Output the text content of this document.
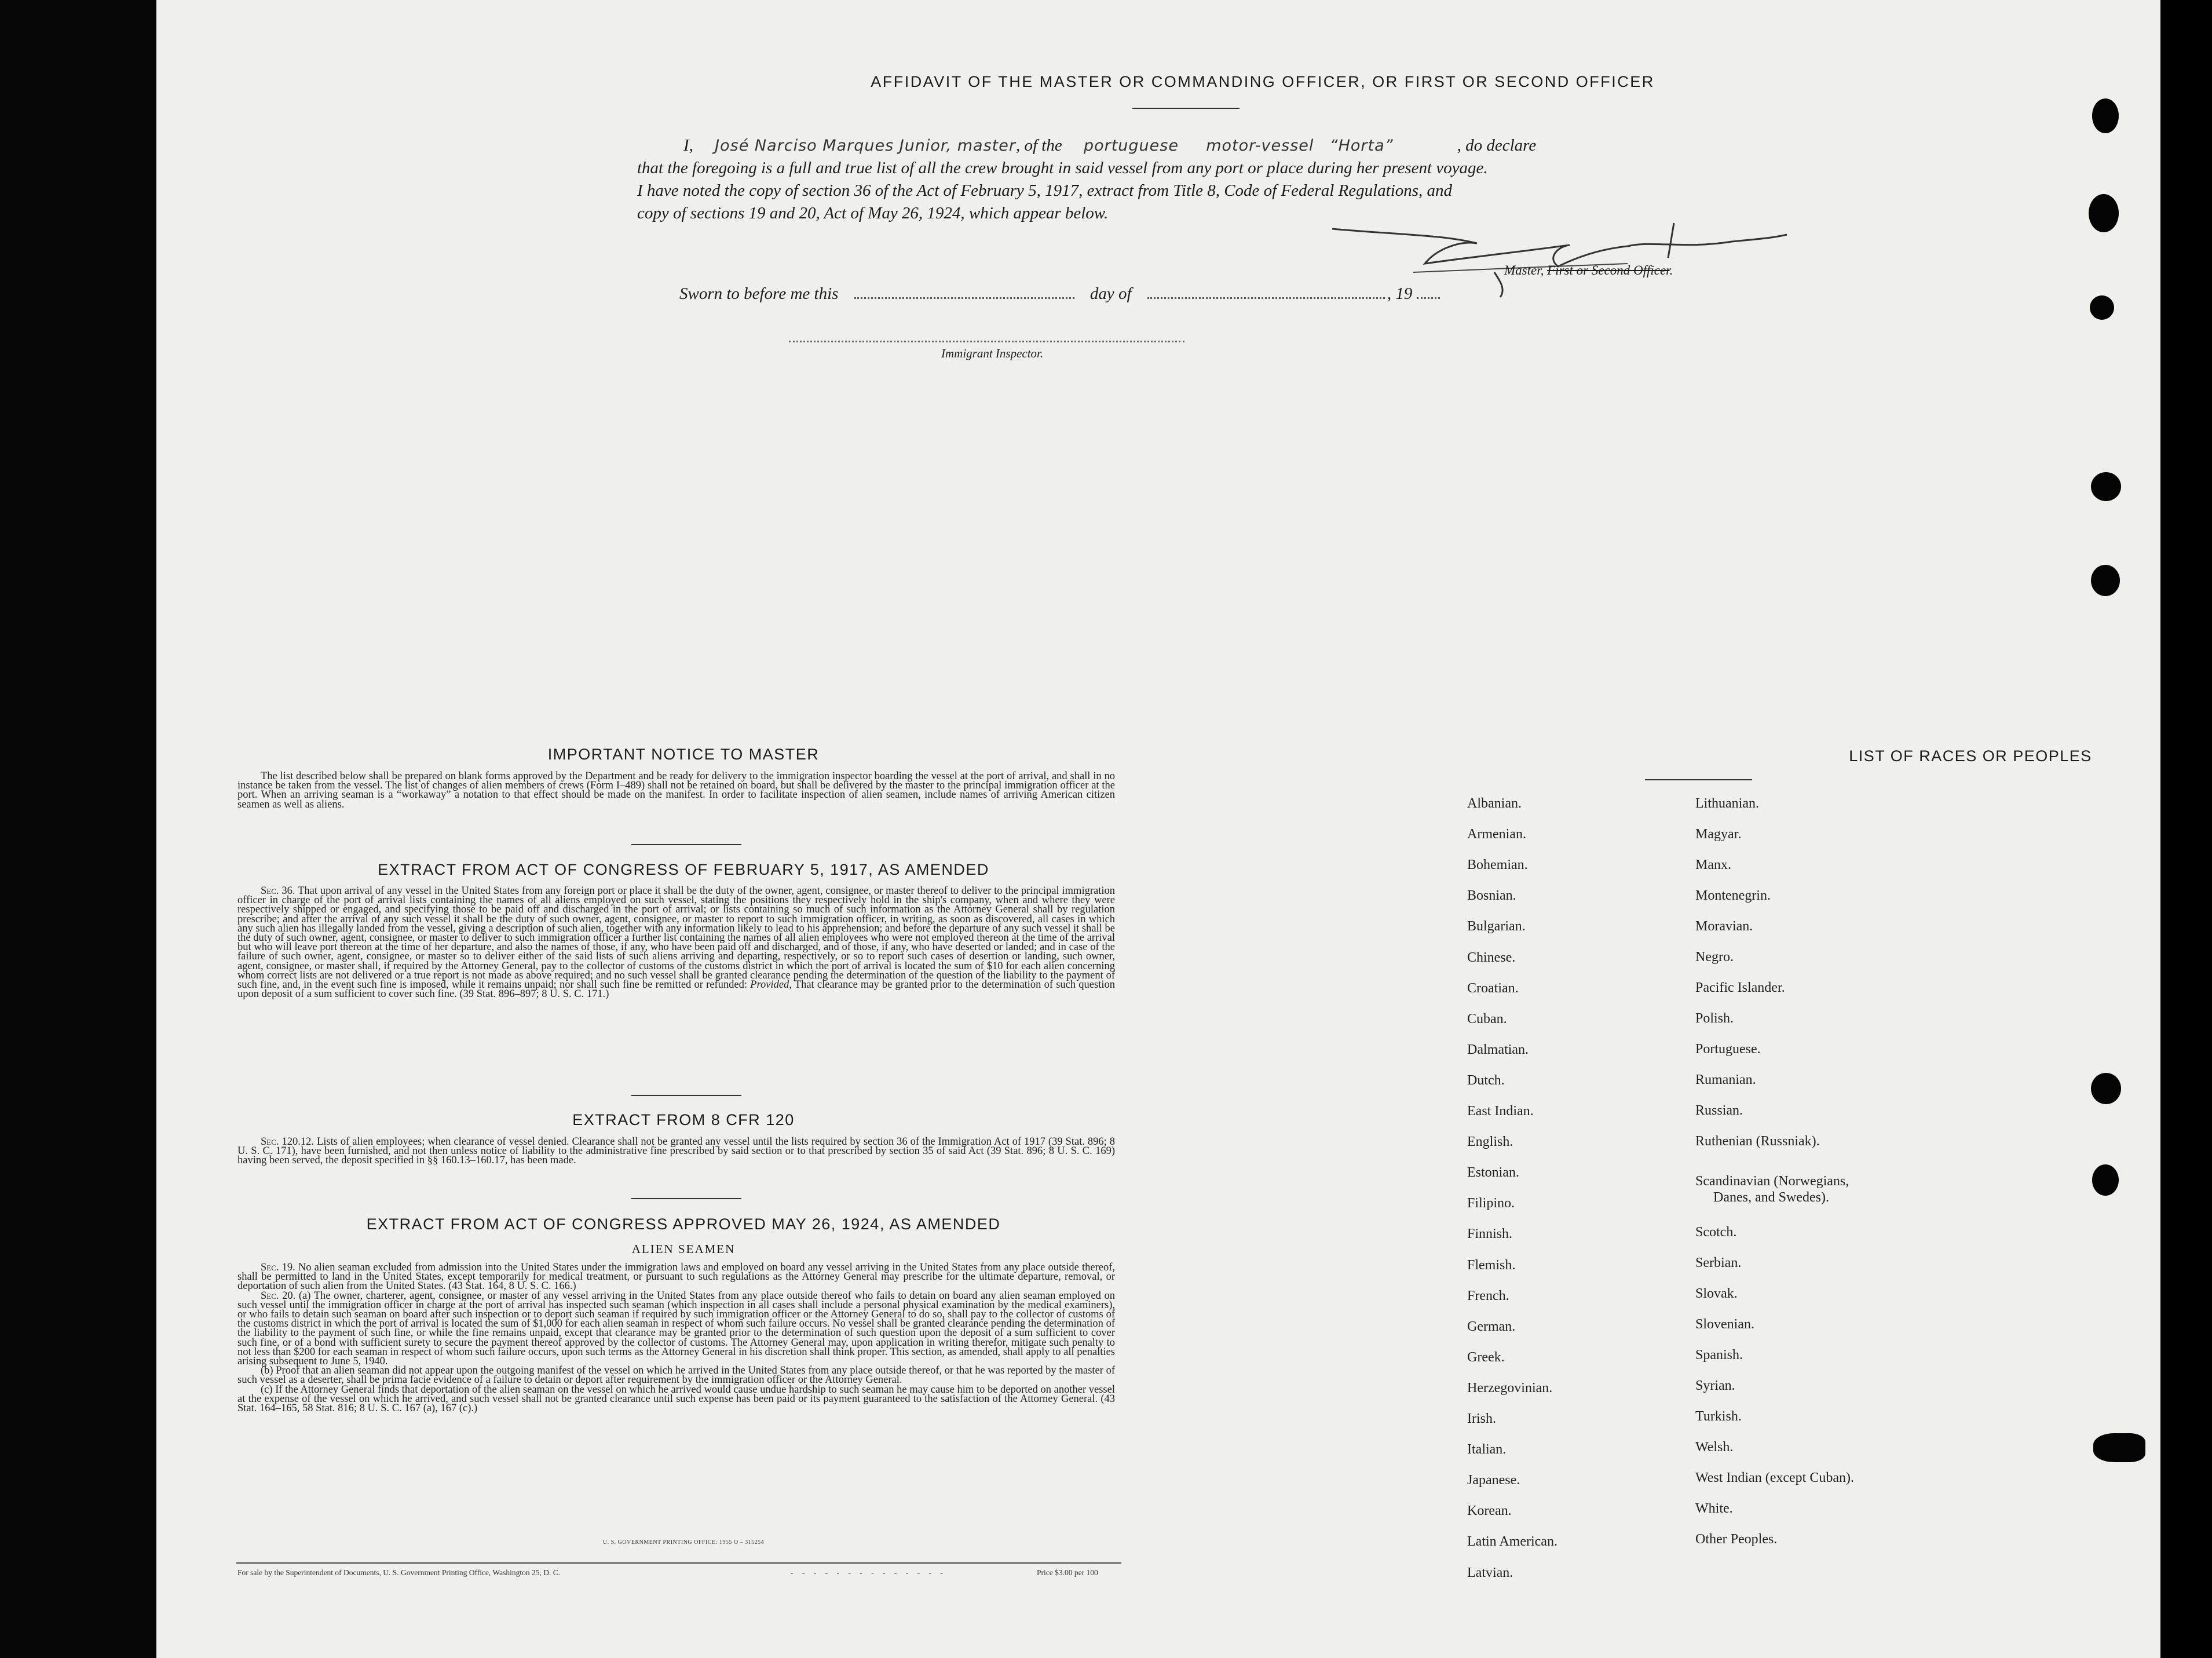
AFFIDAVIT OF THE MASTER OR COMMANDING OFFICER, OR FIRST OR SECOND OFFICER
I, José Narciso Marques Junior, master, of the portuguese motor-vessel “Horta”	, do declare
that the foregoing is a full and true list of all the crew brought in said vessel from any port or place during her present voyage.
I have noted the copy of section 36 of the Act of February 5, 1917, extract from Title 8, Code of Federal Regulations, and
copy of sections 19 and 20, Act of May 26, 1924, which appear below.
Master, First or Second Officer.
Sworn to before me this	day of	, 19
Immigrant Inspector.
IMPORTANT NOTICE TO MASTER

The list described below shall be prepared on blank forms approved by the Department and be ready for delivery to the immigration inspector boarding the vessel at the port of arrival, and shall in no instance be taken from the vessel. The list of changes of alien members of crews (Form I–489) shall not be retained on board, but shall be delivered by the master to the principal immigration officer at the port. When an arriving seaman is a “workaway” a notation to that effect should be made on the manifest. In order to facilitate inspection of alien seamen, include names of arriving American citizen seamen as well as aliens.

EXTRACT FROM ACT OF CONGRESS OF FEBRUARY 5, 1917, AS AMENDED

Sec. 36. That upon arrival of any vessel in the United States from any foreign port or place it shall be the duty of the owner, agent, consignee, or master thereof to deliver to the principal immigration officer in charge of the port of arrival lists containing the names of all aliens employed on such vessel, stating the positions they respectively hold in the ship's company, when and where they were respectively shipped or engaged, and specifying those to be paid off and discharged in the port of arrival; or lists containing so much of such information as the Attorney General shall by regulation prescribe; and after the arrival of any such vessel it shall be the duty of such owner, agent, consignee, or master to report to such immigration officer, in writing, as soon as discovered, all cases in which any such alien has illegally landed from the vessel, giving a description of such alien, together with any information likely to lead to his apprehension; and before the departure of any such vessel it shall be the duty of such owner, agent, consignee, or master to deliver to such immigration officer a further list containing the names of all alien employees who were not employed thereon at the time of the arrival but who will leave port thereon at the time of her departure, and also the names of those, if any, who have been paid off and discharged, and of those, if any, who have deserted or landed; and in case of the failure of such owner, agent, consignee, or master so to deliver either of the said lists of such aliens arriving and departing, respectively, or so to report such cases of desertion or landing, such owner, agent, consignee, or master shall, if required by the Attorney General, pay to the collector of customs of the customs district in which the port of arrival is located the sum of $10 for each alien concerning whom correct lists are not delivered or a true report is not made as above required; and no such vessel shall be granted clearance pending the determination of the question of the liability to the payment of such fine, and, in the event such fine is imposed, while it remains unpaid; nor shall such fine be remitted or refunded: Provided, That clearance may be granted prior to the determination of such question upon deposit of a sum sufficient to cover such fine. (39 Stat. 896–897; 8 U. S. C. 171.)

EXTRACT FROM 8 CFR 120

Sec. 120.12. Lists of alien employees; when clearance of vessel denied. Clearance shall not be granted any vessel until the lists required by section 36 of the Immigration Act of 1917 (39 Stat. 896; 8 U. S. C. 171), have been furnished, and not then unless notice of liability to the administrative fine prescribed by said section or to that prescribed by section 35 of said Act (39 Stat. 896; 8 U. S. C. 169) having been served, the deposit specified in §§ 160.13–160.17, has been made.

EXTRACT FROM ACT OF CONGRESS APPROVED MAY 26, 1924, AS AMENDED
ALIEN SEAMEN

Sec. 19. No alien seaman excluded from admission into the United States under the immigration laws and employed on board any vessel arriving in the United States from any place outside thereof, shall be permitted to land in the United States, except temporarily for medical treatment, or pursuant to such regulations as the Attorney General may prescribe for the ultimate departure, removal, or deportation of such alien from the United States. (43 Stat. 164, 8 U. S. C. 166.)

Sec. 20. (a) The owner, charterer, agent, consignee, or master of any vessel arriving in the United States from any place outside thereof who fails to detain on board any alien seaman employed on such vessel until the immigration officer in charge at the port of arrival has inspected such seaman (which inspection in all cases shall include a personal physical examination by the medical examiners), or who fails to detain such seaman on board after such inspection or to deport such seaman if required by such immigration officer or the Attorney General to do so, shall pay to the collector of customs of the customs district in which the port of arrival is located the sum of $1,000 for each alien seaman in respect of whom such failure occurs. No vessel shall be granted clearance pending the determination of the liability to the payment of such fine, or while the fine remains unpaid, except that clearance may be granted prior to the determination of such question upon the deposit of a sum sufficient to cover such fine, or of a bond with sufficient surety to secure the payment thereof approved by the collector of customs. The Attorney General may, upon application in writing therefor, mitigate such penalty to not less than $200 for each seaman in respect of whom such failure occurs, upon such terms as the Attorney General in his discretion shall think proper. This section, as amended, shall apply to all penalties arising subsequent to June 5, 1940.

(b) Proof that an alien seaman did not appear upon the outgoing manifest of the vessel on which he arrived in the United States from any place outside thereof, or that he was reported by the master of such vessel as a deserter, shall be prima facie evidence of a failure to detain or deport after requirement by the immigration officer or the Attorney General.

(c) If the Attorney General finds that deportation of the alien seaman on the vessel on which he arrived would cause undue hardship to such seaman he may cause him to be deported on another vessel at the expense of the vessel on which he arrived, and such vessel shall not be granted clearance until such expense has been paid or its payment guaranteed to the satisfaction of the Attorney General. (43 Stat. 164–165, 58 Stat. 816; 8 U. S. C. 167 (a), 167 (c).)

U. S. GOVERNMENT PRINTING OFFICE: 1955 O – 315254
For sale by the Superintendent of Documents, U. S. Government Printing Office, Washington 25, D. C.	- - - - - - - - - - - - - -	Price $3.00 per 100
LIST OF RACES OR PEOPLES
Albanian.
Armenian.
Bohemian.
Bosnian.
Bulgarian.
Chinese.
Croatian.
Cuban.
Dalmatian.
Dutch.
East Indian.
English.
Estonian.
Filipino.
Finnish.
Flemish.
French.
German.
Greek.
Herzegovinian.
Irish.
Italian.
Japanese.
Korean.
Latin American.
Latvian.
Lithuanian.
Magyar.
Manx.
Montenegrin.
Moravian.
Negro.
Pacific Islander.
Polish.
Portuguese.
Rumanian.
Russian.
Ruthenian (Russniak).
Scandinavian (Norwegians,
Danes, and Swedes).
Scotch.
Serbian.
Slovak.
Slovenian.
Spanish.
Syrian.
Turkish.
Welsh.
West Indian (except Cuban).
White.
Other Peoples.
